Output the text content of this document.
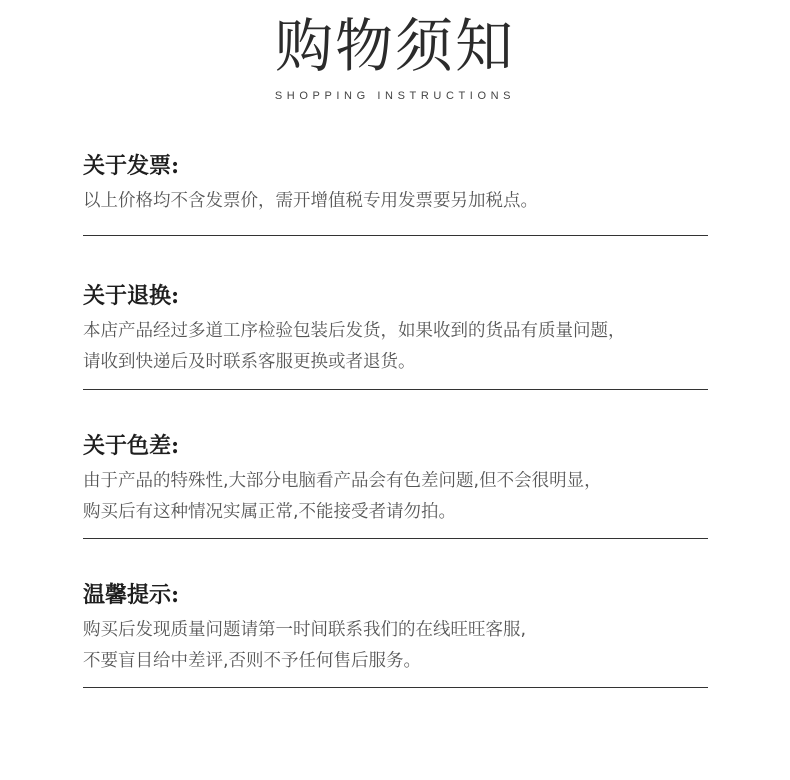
购物须知
SHOPPING INSTRUCTIONS
关于发票:

以上价格均不含发票价，需开增值税专用发票要另加税点。

关于退换:

本店产品经过多道工序检验包装后发货，如果收到的货品有质量问题，

请收到快递后及时联系客服更换或者退货。

关于色差:

由于产品的特殊性,大部分电脑看产品会有色差问题,但不会很明显，

购买后有这种情况实属正常,不能接受者请勿拍。

温馨提示:

购买后发现质量问题请第一时间联系我们的在线旺旺客服,

不要盲目给中差评,否则不予任何售后服务。
